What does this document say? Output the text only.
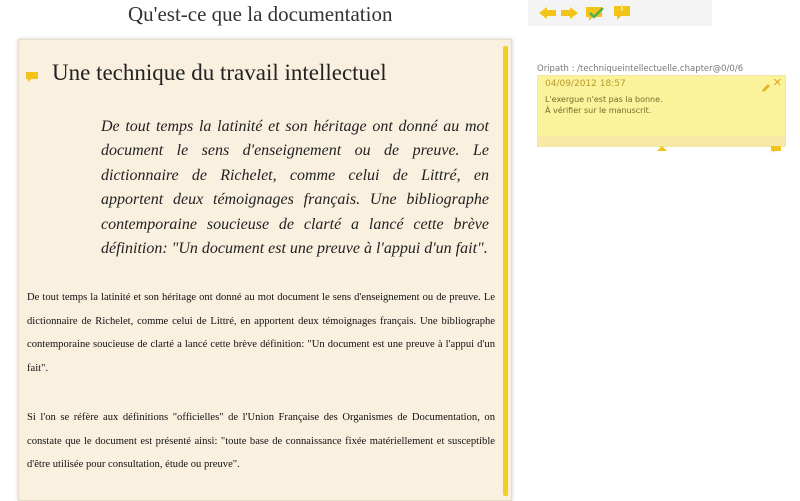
Qu'est-ce que la documentation
Une technique du travail intellectuel
De tout temps la latinité et son héritage ont donné au mot document le sens d'enseignement ou de preuve. Le dictionnaire de Richelet, comme celui de Littré, en apportent deux témoignages français. Une bibliographe contemporaine soucieuse de clarté a lancé cette brève définition: "Un document est une preuve à l'appui d'un fait".
De tout temps la latinité et son héritage ont donné au mot document le sens d'enseignement ou de preuve. Le dictionnaire de Richelet, comme celui de Littré, en apportent deux témoignages français. Une bibliographe contemporaine soucieuse de clarté a lancé cette brève définition: "Un document est une preuve à l'appui d'un fait".
Si l'on se réfère aux définitions "officielles" de l'Union Française des Organismes de Documentation, on constate que le document est présenté ainsi: "toute base de connaissance fixée matériellement et susceptible d'être utilisée pour consultation, étude ou preuve".
Oripath : /techniqueintellectuelle.chapter@0/0/6
04/09/2012 18:57
L'exergue n'est pas la bonne.
À vérifier sur le manuscrit.
✕
